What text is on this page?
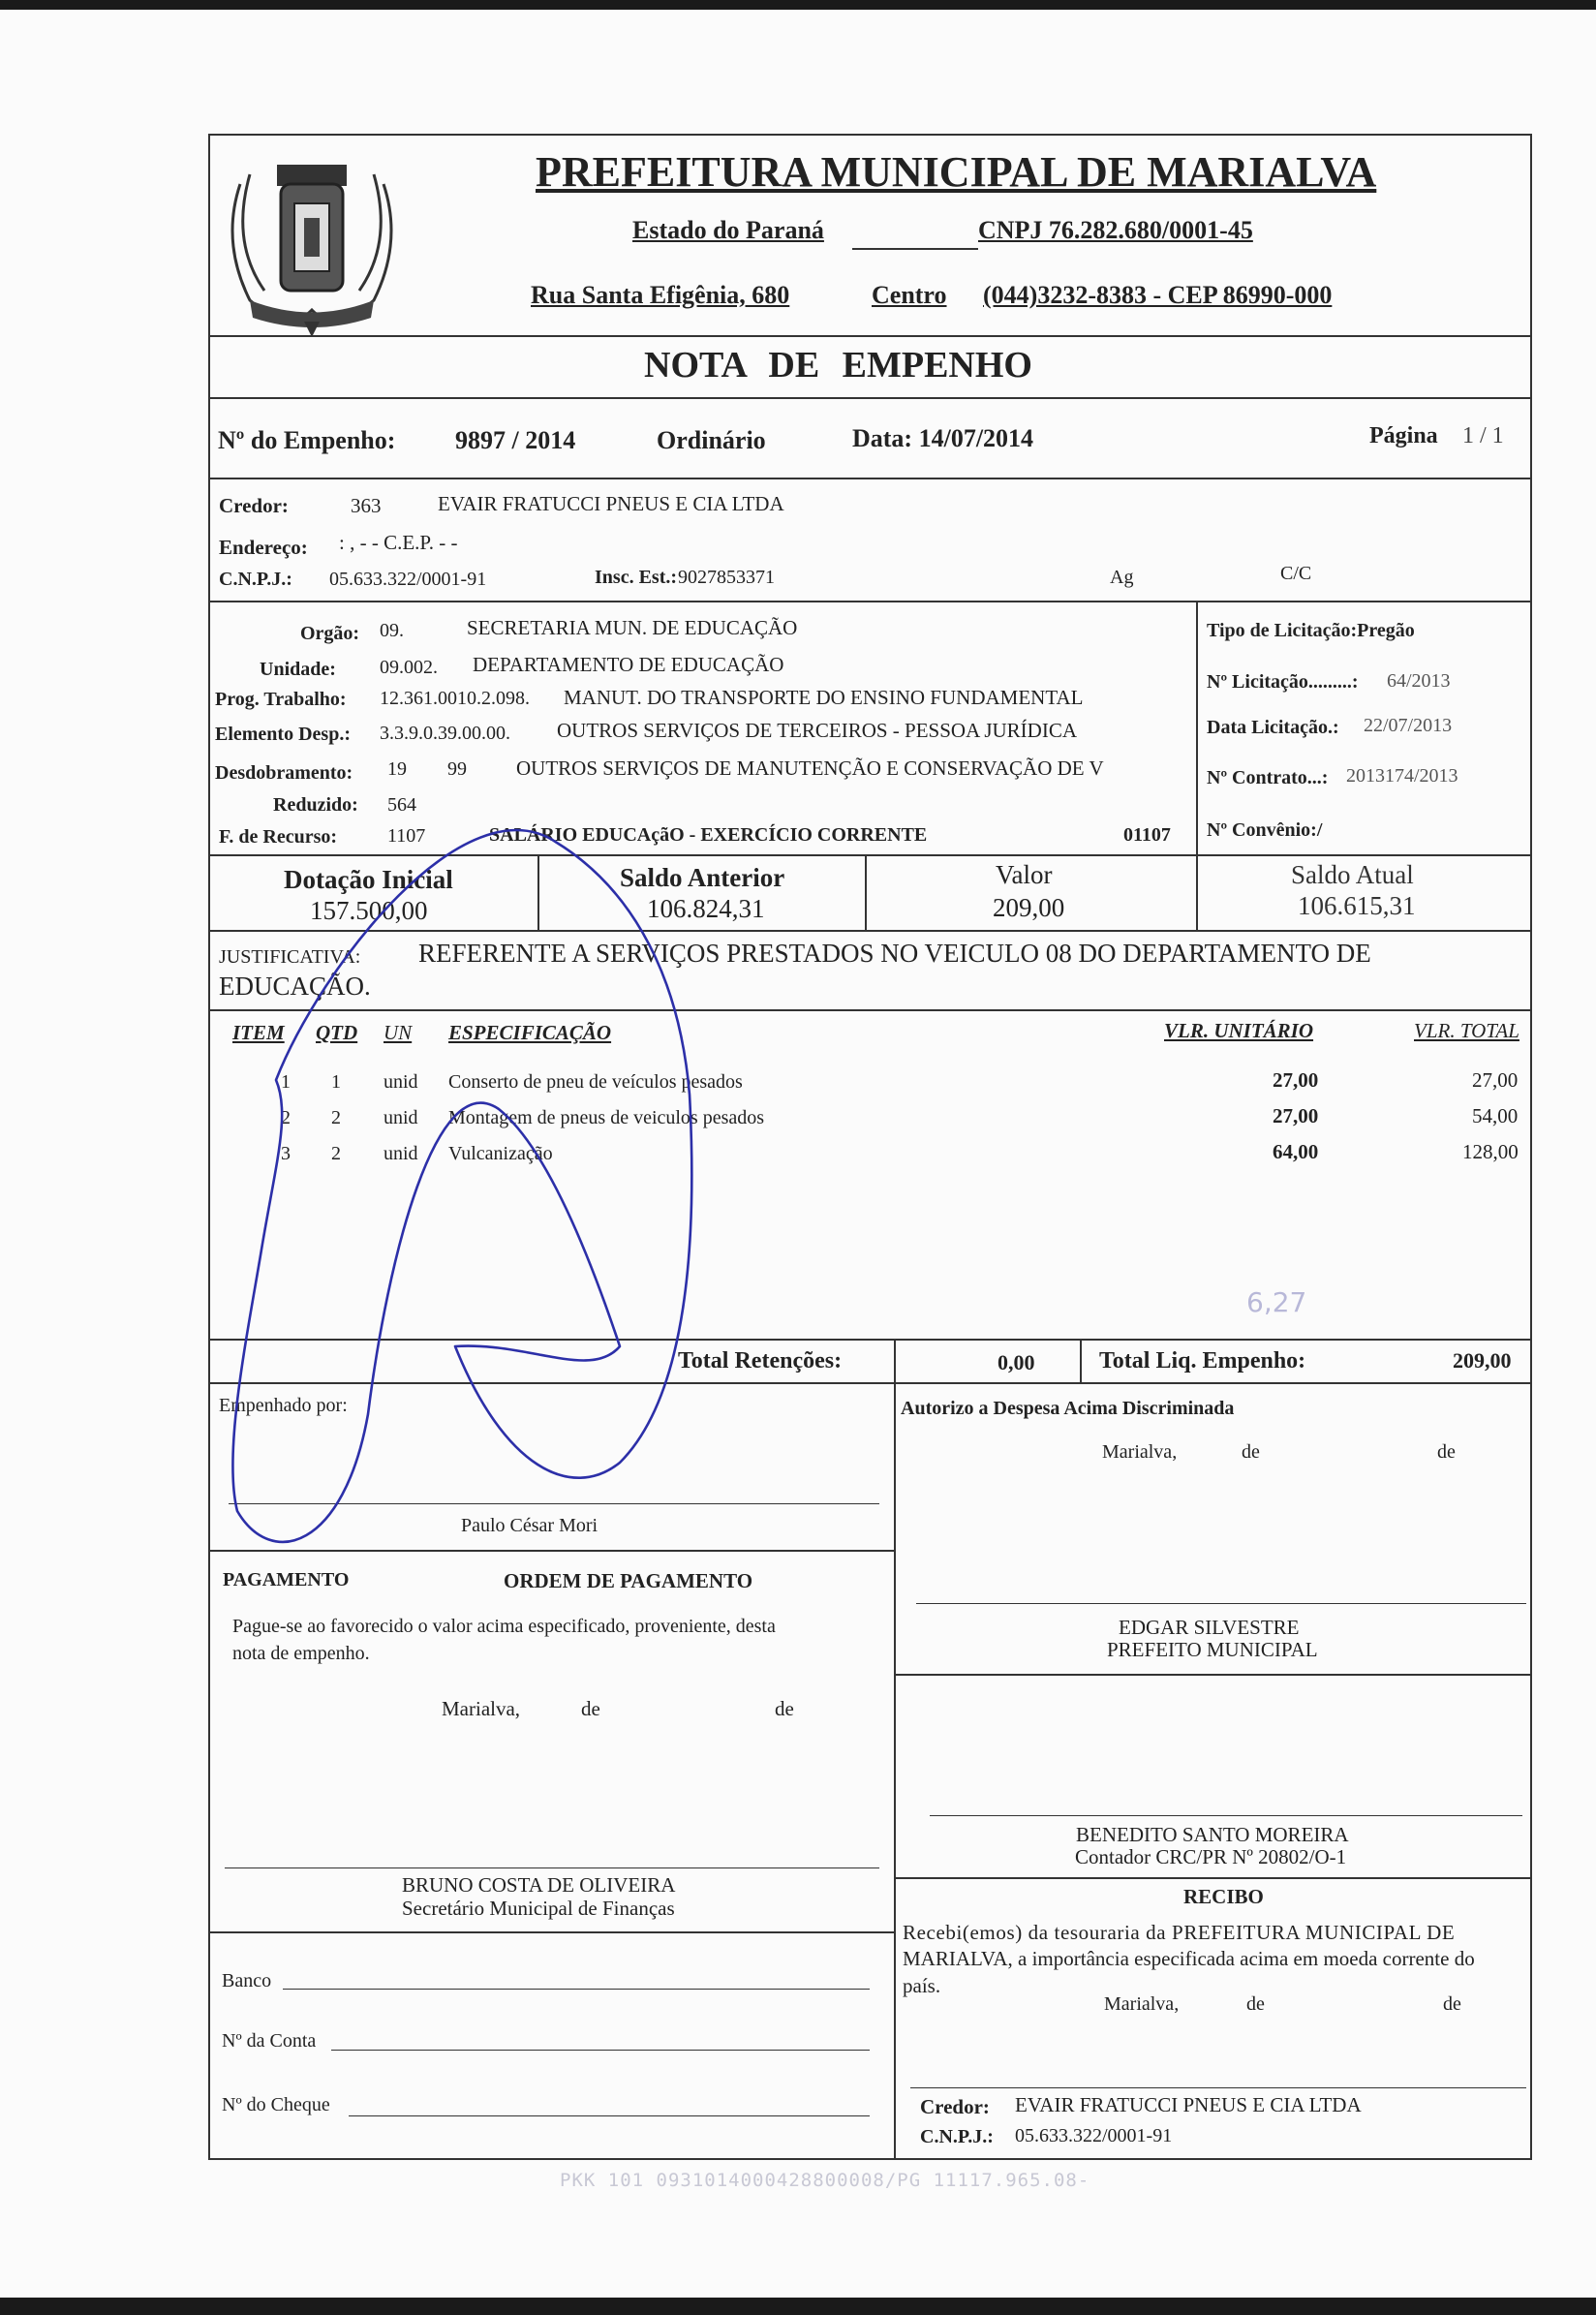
PREFEITURA MUNICIPAL DE MARIALVA
Estado do Paraná	CNPJ 76.282.680/0001-45
Rua Santa Efigênia, 680	Centro (044)3232-8383 - CEP 86990-000
NOTA DE EMPENHO
Nº do Empenho: 9897 / 2014	Ordinário	Data: 14/07/2014	Página 1 / 1
Credor:	363	EVAIR FRATUCCI PNEUS E CIA LTDA
Endereço: : , - - C.E.P. - -
C.N.P.J.: 05.633.322/0001-91	Insc. Est.: 9027853371	Ag	C/C
Orgão: 09.	SECRETARIA MUN. DE EDUCAÇÃO
Unidade: 09.002. DEPARTAMENTO DE EDUCAÇÃO
Prog. Trabalho: 12.361.0010.2.098. MANUT. DO TRANSPORTE DO ENSINO FUNDAMENTAL
Elemento Desp.: 3.3.9.0.39.00.00. OUTROS SERVIÇOS DE TERCEIROS - PESSOA JURÍDICA
Desdobramento: 19 99 OUTROS SERVIÇOS DE MANUTENÇÃO E CONSERVAÇÃO DE V
Reduzido: 564
F. de Recurso:	1107	SALÁRIO EDUCAçãO - EXERCÍCIO CORRENTE	01107
Tipo de Licitação:Pregão
Nº Licitação.........: 64/2013
Data Licitação.: 22/07/2013
Nº Contrato...: 2013174/2013
Nº Convênio:/
Dotação Inicial
157.500,00
Saldo Anterior
106.824,31
Valor
209,00
Saldo Atual
106.615,31
JUSTIFICATIVA: REFERENTE A SERVIÇOS PRESTADOS NO VEICULO 08 DO DEPARTAMENTO DE
EDUCAÇÃO.
ITEM QTD UN ESPECIFICAÇÃO	VLR. UNITÁRIO	VLR. TOTAL
1 1 unid Conserto de pneu de veículos pesados	27,00	27,00
2 2 unid Montagem de pneus de veiculos pesados	27,00	54,00
3 2 unid Vulcanização	64,00	128,00
6,27
Total Retenções:	0,00	Total Liq. Empenho:	209,00
Empenhado por:
Paulo César Mori
Autorizo a Despesa Acima Discriminada
Marialva,	de	de
PAGAMENTO	ORDEM DE PAGAMENTO
Pague-se ao favorecido o valor acima especificado, proveniente, desta
nota de empenho.
Marialva,	de	de
EDGAR SILVESTRE
PREFEITO MUNICIPAL
BENEDITO SANTO MOREIRA
Contador CRC/PR Nº 20802/O-1
BRUNO COSTA DE OLIVEIRA
Secretário Municipal de Finanças	RECIBO
Recebi(emos) da tesouraria da PREFEITURA MUNICIPAL DE
MARIALVA, a importância especificada acima em moeda corrente do
país.
Marialva,	de	de
Credor: EVAIR FRATUCCI PNEUS E CIA LTDA
C.N.P.J.: 05.633.322/0001-91
Banco
Nº da Conta
Nº do Cheque
PKK 101 0931014000428800008/PG 11117.965.08-
